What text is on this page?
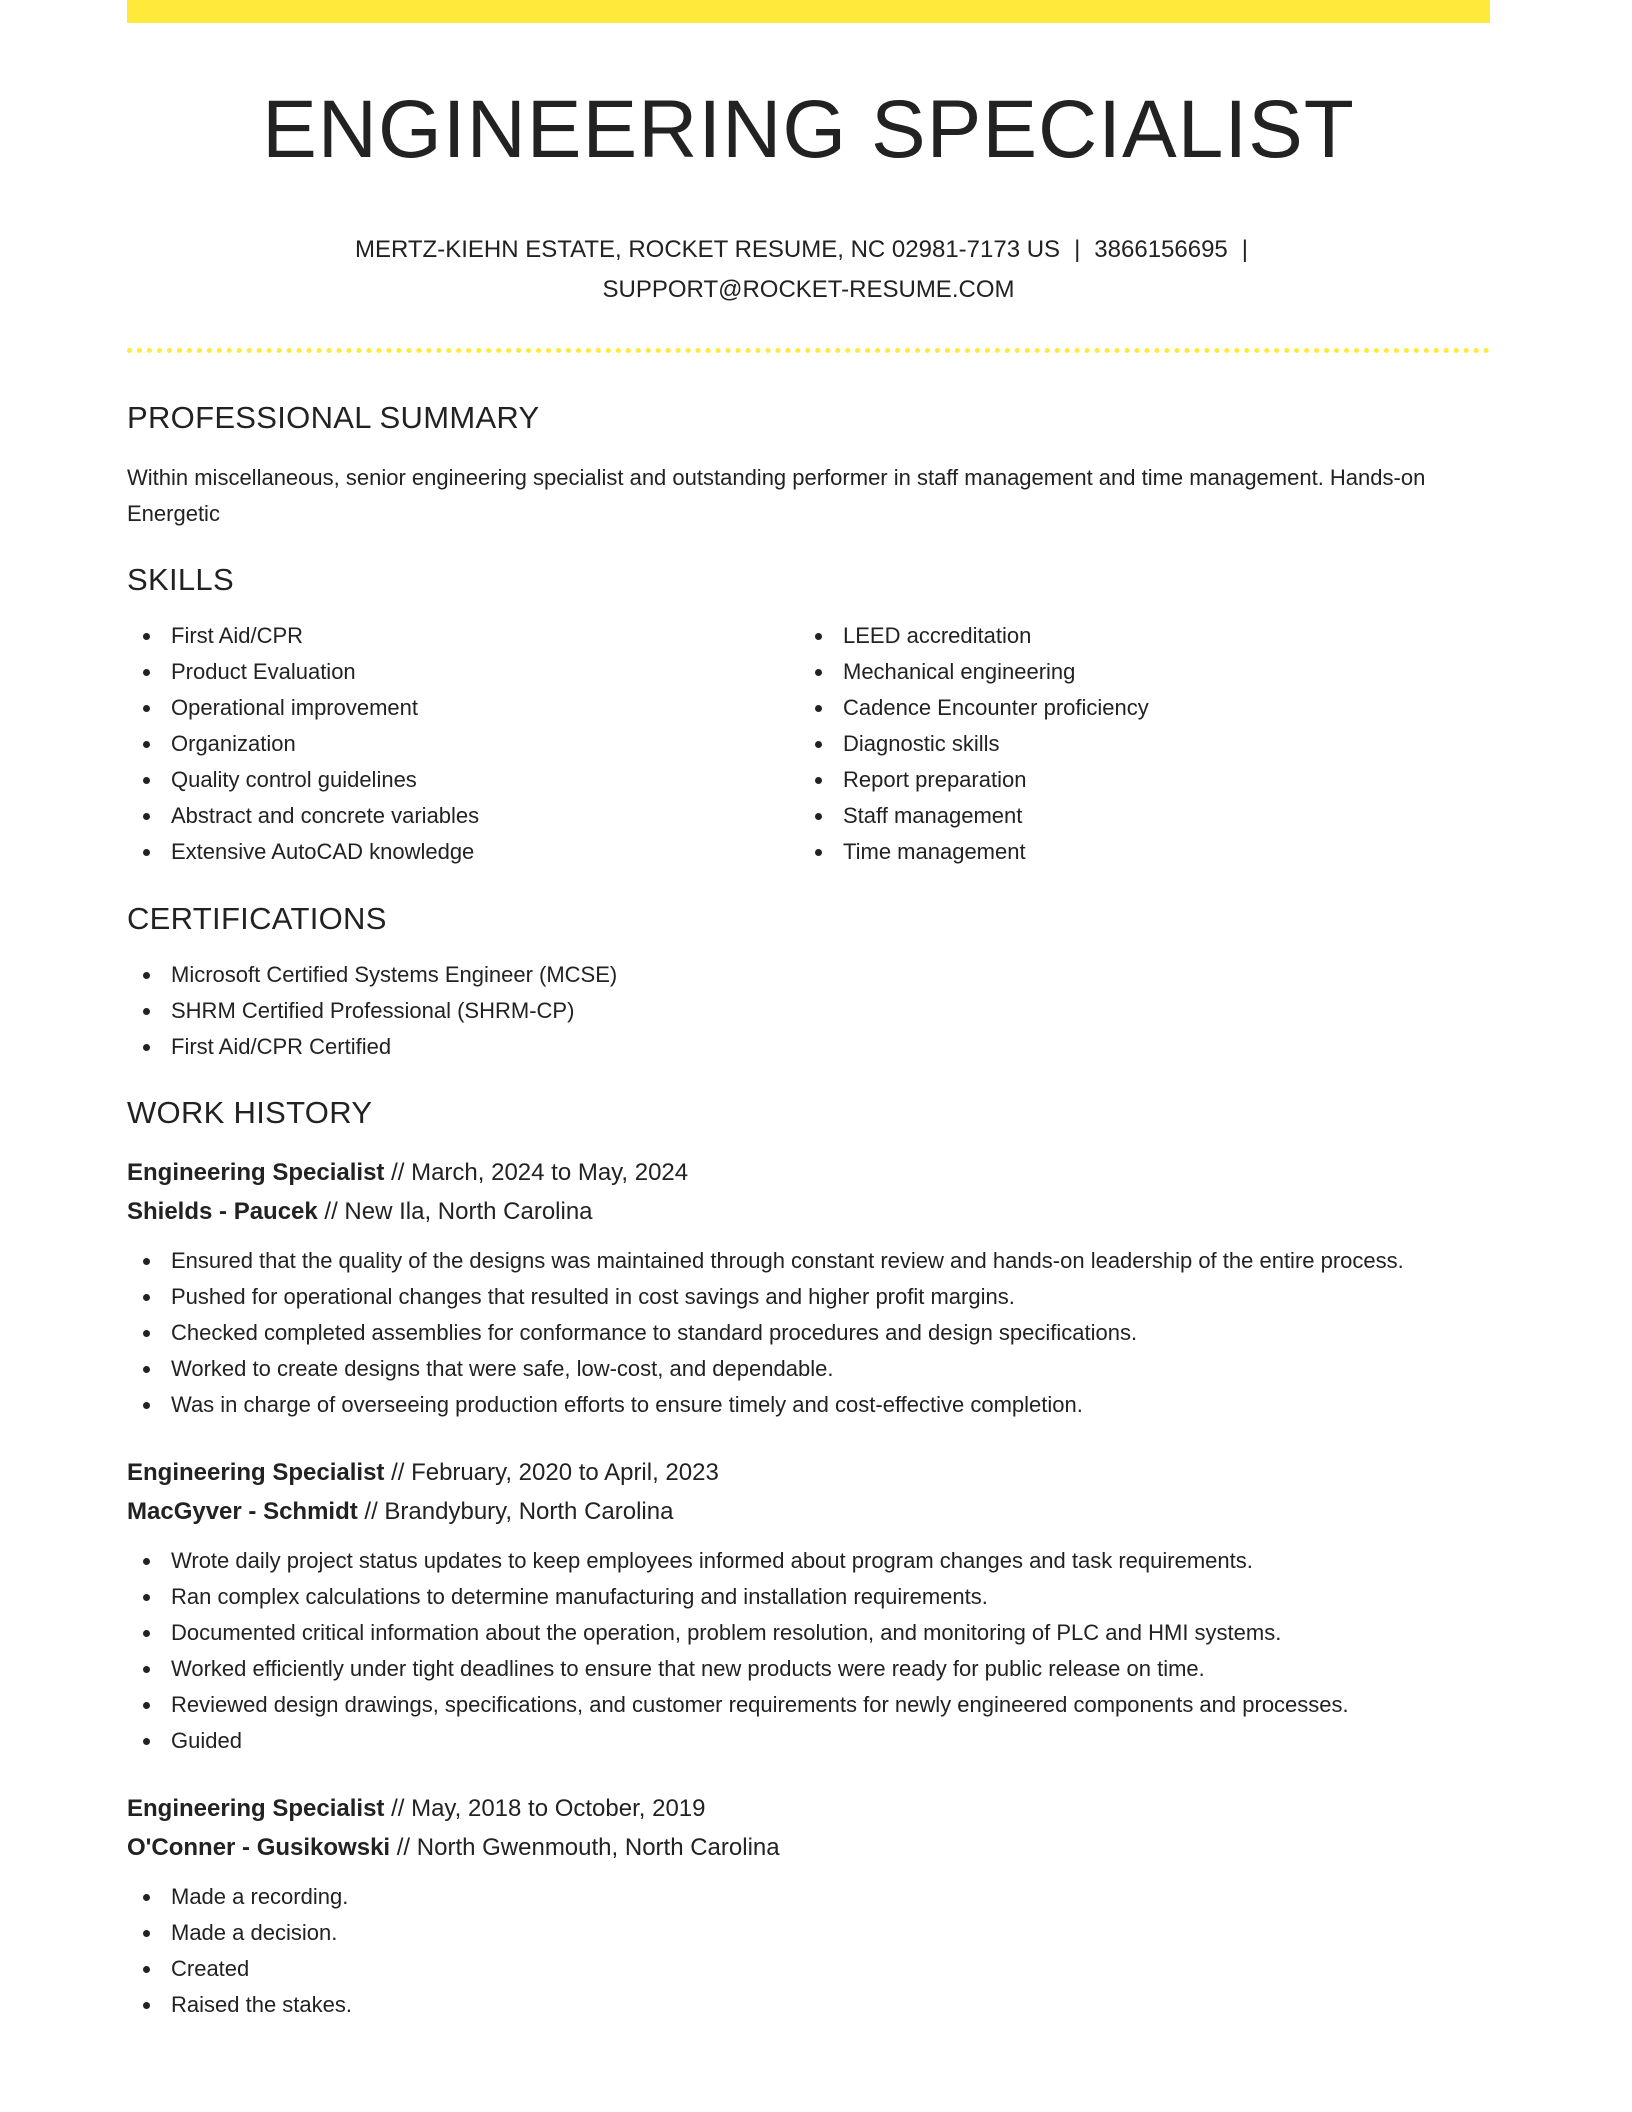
ENGINEERING SPECIALIST
MERTZ-KIEHN ESTATE, ROCKET RESUME, NC 02981-7173 US | 3866156695 |
SUPPORT@ROCKET-RESUME.COM
PROFESSIONAL SUMMARY

Within miscellaneous, senior engineering specialist and outstanding performer in staff management and time management. Hands-on Energetic

SKILLS
First Aid/CPR
Product Evaluation
Operational improvement
Organization
Quality control guidelines
Abstract and concrete variables
Extensive AutoCAD knowledge
LEED accreditation
Mechanical engineering
Cadence Encounter proficiency
Diagnostic skills
Report preparation
Staff management
Time management
CERTIFICATIONS
Microsoft Certified Systems Engineer (MCSE)
SHRM Certified Professional (SHRM-CP)
First Aid/CPR Certified
WORK HISTORY
Engineering Specialist // March, 2024 to May, 2024
Shields - Paucek // New Ila, North Carolina
Ensured that the quality of the designs was maintained through constant review and hands-on leadership of the entire process.
Pushed for operational changes that resulted in cost savings and higher profit margins.
Checked completed assemblies for conformance to standard procedures and design specifications.
Worked to create designs that were safe, low-cost, and dependable.
Was in charge of overseeing production efforts to ensure timely and cost-effective completion.
Engineering Specialist // February, 2020 to April, 2023
MacGyver - Schmidt // Brandybury, North Carolina
Wrote daily project status updates to keep employees informed about program changes and task requirements.
Ran complex calculations to determine manufacturing and installation requirements.
Documented critical information about the operation, problem resolution, and monitoring of PLC and HMI systems.
Worked efficiently under tight deadlines to ensure that new products were ready for public release on time.
Reviewed design drawings, specifications, and customer requirements for newly engineered components and processes.
Guided
Engineering Specialist // May, 2018 to October, 2019
O'Conner - Gusikowski // North Gwenmouth, North Carolina
Made a recording.
Made a decision.
Created
Raised the stakes.
